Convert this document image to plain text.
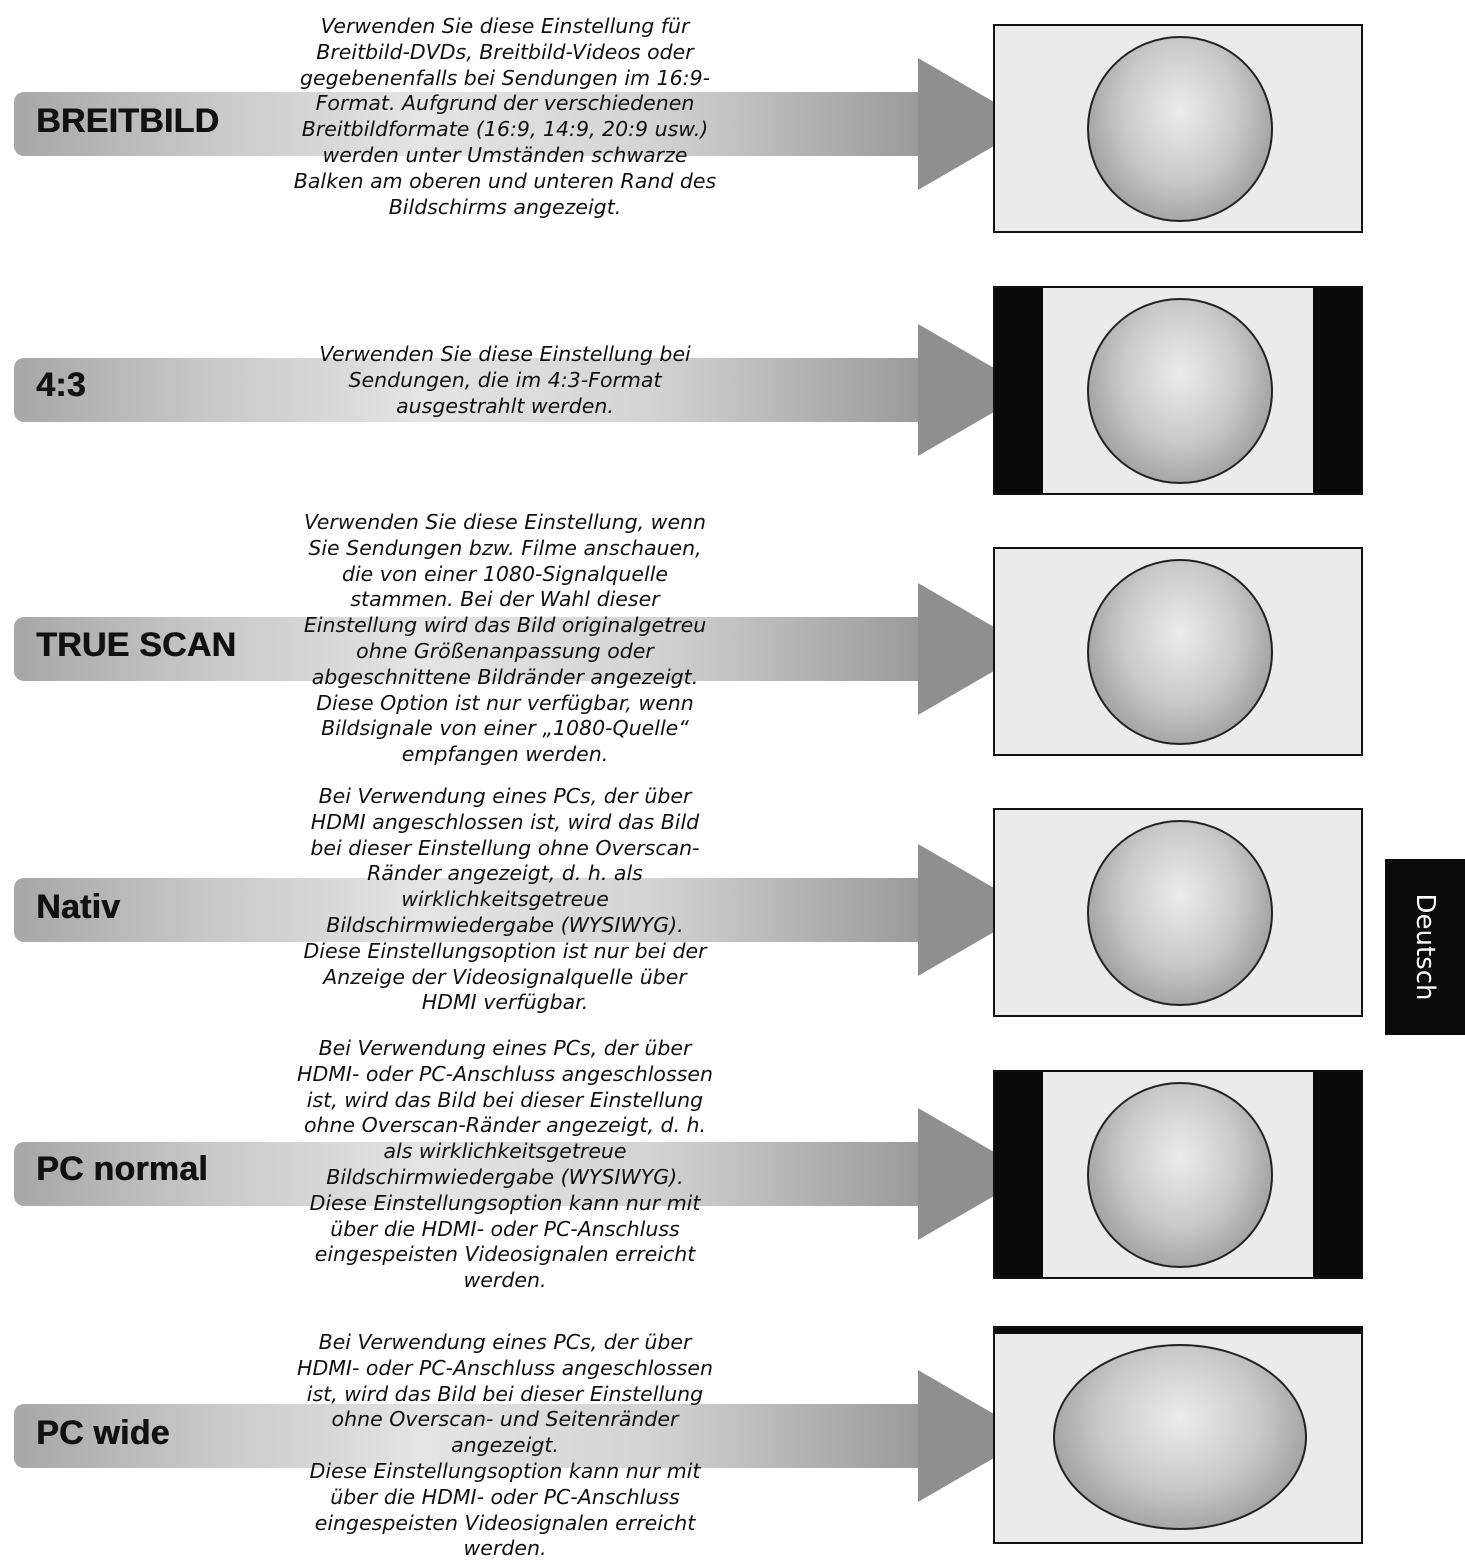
BREITBILD
Verwenden Sie diese Einstellung für
Breitbild-DVDs, Breitbild-Videos oder
gegebenenfalls bei Sendungen im 16:9-
Format. Aufgrund der verschiedenen
Breitbildformate (16:9, 14:9, 20:9 usw.)
werden unter Umständen schwarze
Balken am oberen und unteren Rand des
Bildschirms angezeigt.
4:3
Verwenden Sie diese Einstellung bei
Sendungen, die im 4:3-Format
ausgestrahlt werden.
TRUE SCAN
Verwenden Sie diese Einstellung, wenn
Sie Sendungen bzw. Filme anschauen,
die von einer 1080-Signalquelle
stammen. Bei der Wahl dieser
Einstellung wird das Bild originalgetreu
ohne Größenanpassung oder
abgeschnittene Bildränder angezeigt.
Diese Option ist nur verfügbar, wenn
Bildsignale von einer „1080-Quelle“
empfangen werden.
Nativ
Bei Verwendung eines PCs, der über
HDMI angeschlossen ist, wird das Bild
bei dieser Einstellung ohne Overscan-
Ränder angezeigt, d. h. als
wirklichkeitsgetreue
Bildschirmwiedergabe (WYSIWYG).
Diese Einstellungsoption ist nur bei der
Anzeige der Videosignalquelle über
HDMI verfügbar.
PC normal
Bei Verwendung eines PCs, der über
HDMI- oder PC-Anschluss angeschlossen
ist, wird das Bild bei dieser Einstellung
ohne Overscan-Ränder angezeigt, d. h.
als wirklichkeitsgetreue
Bildschirmwiedergabe (WYSIWYG).
Diese Einstellungsoption kann nur mit
über die HDMI- oder PC-Anschluss
eingespeisten Videosignalen erreicht
werden.
PC wide
Bei Verwendung eines PCs, der über
HDMI- oder PC-Anschluss angeschlossen
ist, wird das Bild bei dieser Einstellung
ohne Overscan- und Seitenränder
angezeigt.
Diese Einstellungsoption kann nur mit
über die HDMI- oder PC-Anschluss
eingespeisten Videosignalen erreicht
werden.
Deutsch
